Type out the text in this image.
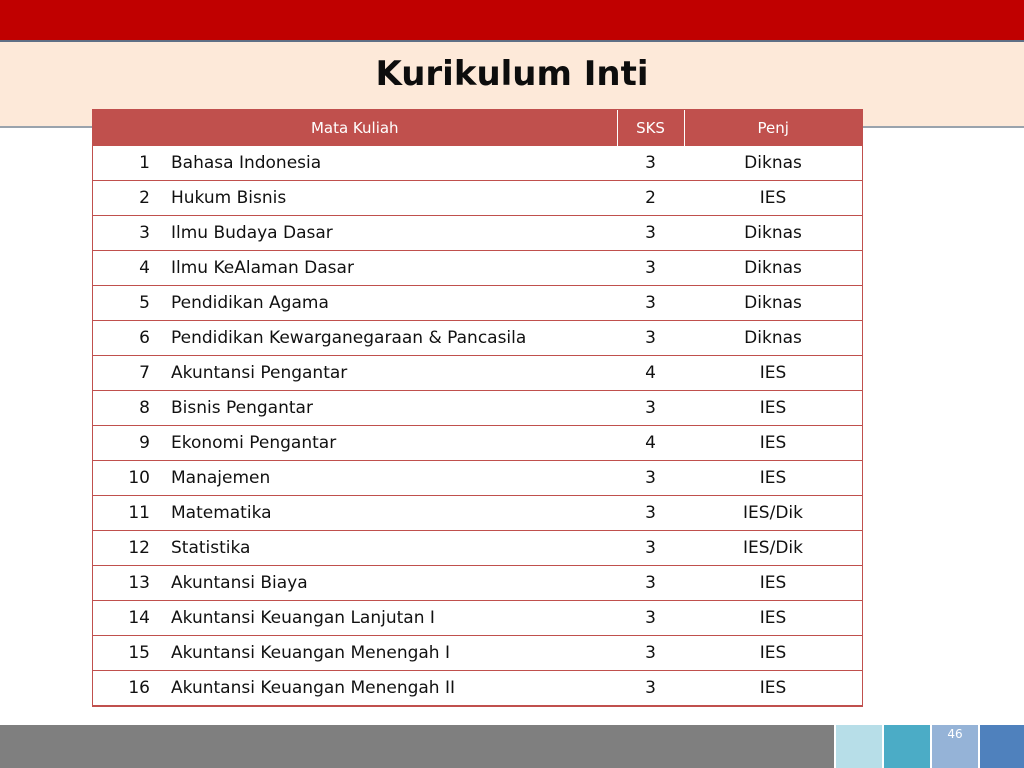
Kurikulum Inti
Mata Kuliah		SKS	Penj
1	Bahasa Indonesia	3	Diknas
2	Hukum Bisnis	2	IES
3	Ilmu Budaya Dasar	3	Diknas
4	Ilmu KeAlaman Dasar	3	Diknas
5	Pendidikan Agama	3	Diknas
6	Pendidikan Kewarganegaraan & Pancasila	3	Diknas
7	Akuntansi Pengantar	4	IES
8	Bisnis Pengantar	3	IES
9	Ekonomi Pengantar	4	IES
10	Manajemen	3	IES
11	Matematika	3	IES/Dik
12	Statistika	3	IES/Dik
13	Akuntansi Biaya	3	IES
14	Akuntansi Keuangan Lanjutan I	3	IES
15	Akuntansi Keuangan Menengah I	3	IES
16	Akuntansi Keuangan Menengah II	3	IES
46
